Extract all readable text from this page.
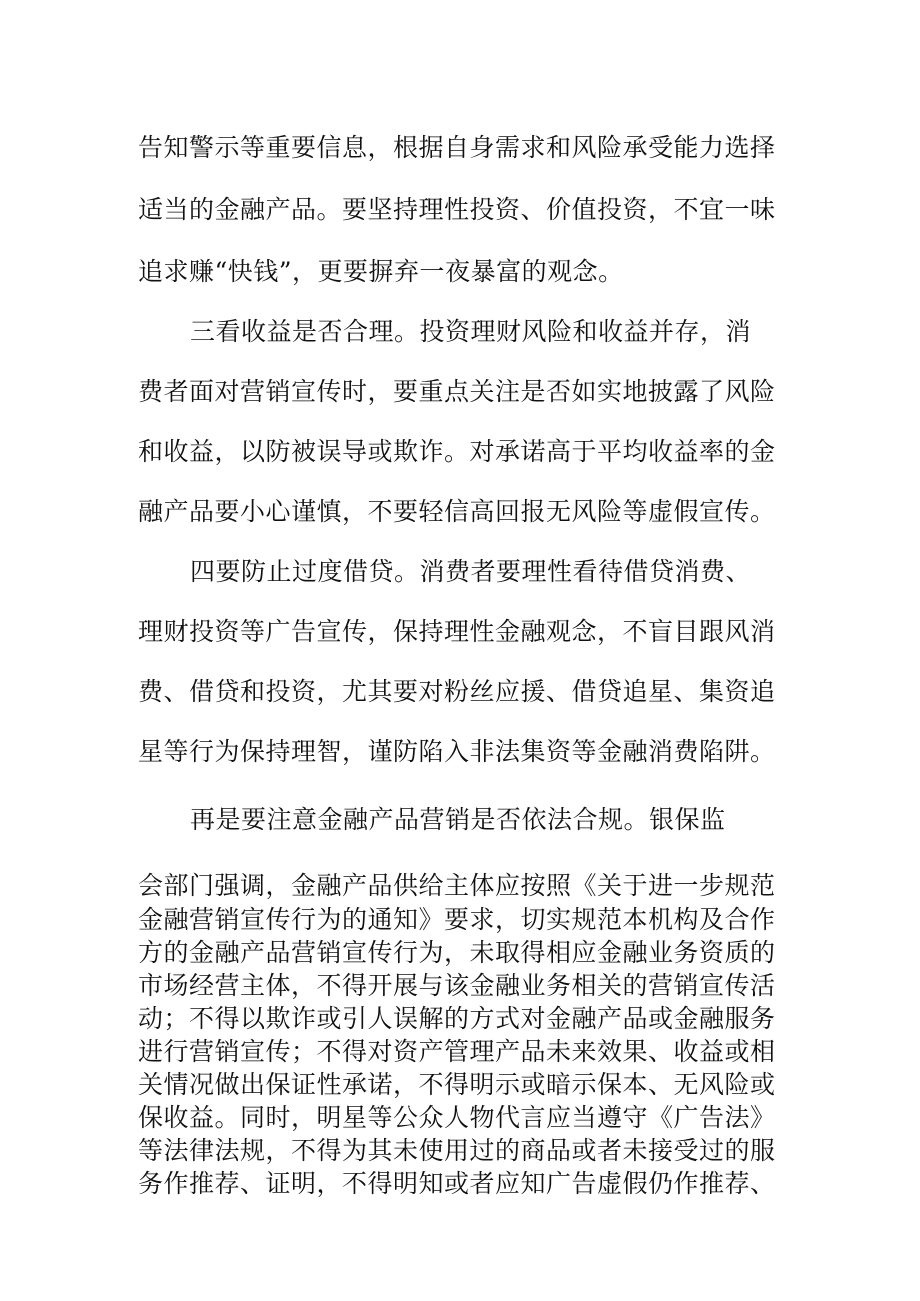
告知警示等重要信息，根据自身需求和风险承受能力选择
适当的金融产品。要坚持理性投资、价值投资，不宜一味
追求赚“快钱”，更要摒弃一夜暴富的观念。
三看收益是否合理。投资理财风险和收益并存，消
费者面对营销宣传时，要重点关注是否如实地披露了风险
和收益，以防被误导或欺诈。对承诺高于平均收益率的金
融产品要小心谨慎，不要轻信高回报无风险等虚假宣传。
四要防止过度借贷。消费者要理性看待借贷消费、
理财投资等广告宣传，保持理性金融观念，不盲目跟风消
费、借贷和投资，尤其要对粉丝应援、借贷追星、集资追
星等行为保持理智，谨防陷入非法集资等金融消费陷阱。
再是要注意金融产品营销是否依法合规。银保监
会部门强调，金融产品供给主体应按照《关于进一步规范
金融营销宣传行为的通知》要求，切实规范本机构及合作
方的金融产品营销宣传行为，未取得相应金融业务资质的
市场经营主体，不得开展与该金融业务相关的营销宣传活
动；不得以欺诈或引人误解的方式对金融产品或金融服务
进行营销宣传；不得对资产管理产品未来效果、收益或相
关情况做出保证性承诺，不得明示或暗示保本、无风险或
保收益。同时，明星等公众人物代言应当遵守《广告法》
等法律法规，不得为其未使用过的商品或者未接受过的服
务作推荐、证明，不得明知或者应知广告虚假仍作推荐、
